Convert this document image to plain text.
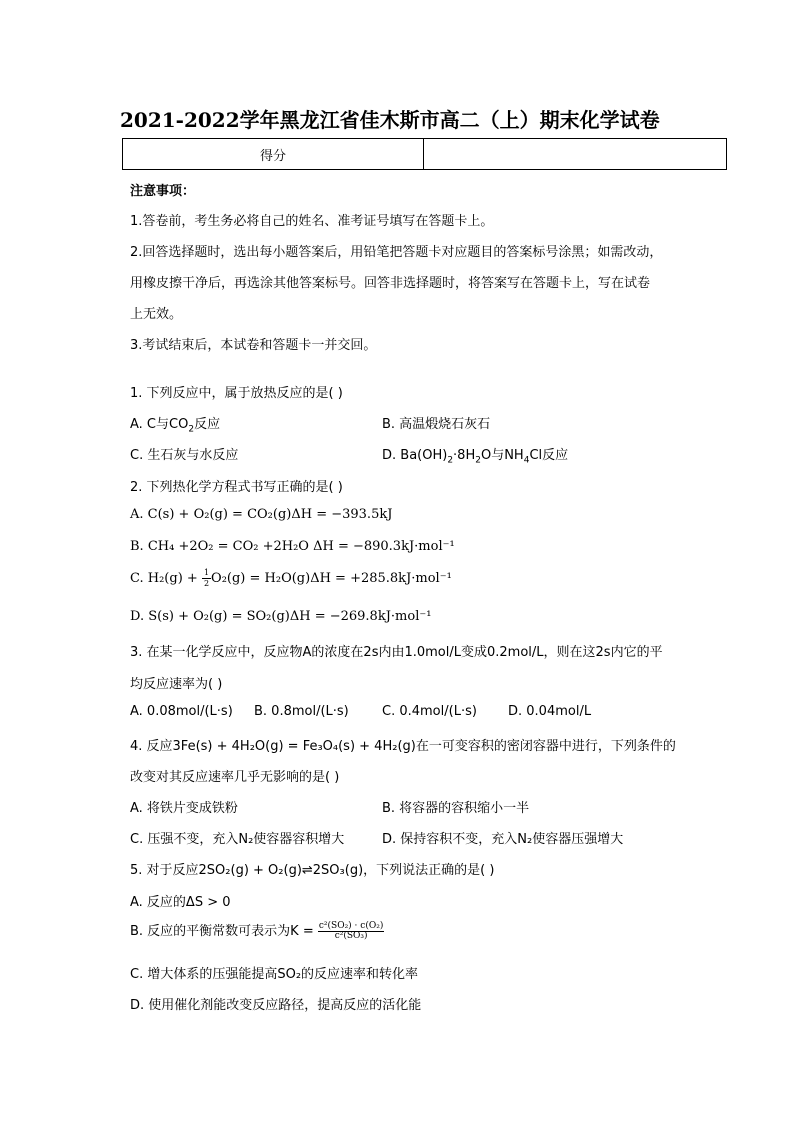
2021-2022学年黑龙江省佳木斯市高二（上）期末化学试卷
得分	
注意事项：
1.答卷前，考生务必将自己的姓名、准考证号填写在答题卡上。
2.回答选择题时，选出每小题答案后，用铅笔把答题卡对应题目的答案标号涂黑；如需改动，
用橡皮擦干净后，再选涂其他答案标号。回答非选择题时，将答案写在答题卡上，写在试卷
上无效。
3.考试结束后，本试卷和答题卡一并交回。
1. 下列反应中，属于放热反应的是( )
A. C与$CO_2$反应	B. 高温煅烧石灰石
C. 生石灰与水反应	D. $Ba(OH)_2\cdot 8H_2O$与$NH_4Cl$反应
2. 下列热化学方程式书写正确的是( )
A. C(s) + O₂(g) = CO₂(g)ΔH = −393.5kJ
B. CH₄ +2O₂ = CO₂ +2H₂O ΔH = −890.3kJ·mol⁻¹
C. $H_2(g) + \frac{1}{2} O_2(g) = H_2O(g)\Delta H = +285.8kJ\cdot mol^{-1}$
D. S(s) + O₂(g) = SO₂(g)ΔH = −269.8kJ·mol⁻¹
3. 在某一化学反应中，反应物A的浓度在2s内由1.0mol/L变成0.2mol/L，则在这2s内它的平
均反应速率为( )
A. 0.08mol/(L·s) B. 0.8mol/(L·s)	C. 0.4mol/(L·s) D. 0.04mol/L
4. 反应3Fe(s) + 4H₂O(g) = Fe₃O₄(s) + 4H₂(g)在一可变容积的密闭容器中进行，下列条件的
改变对其反应速率几乎无影响的是( )
A. 将铁片变成铁粉	B. 将容器的容积缩小一半
C. 压强不变，充入N₂使容器容积增大	D. 保持容积不变，充入N₂使容器压强增大
5. 对于反应2SO₂(g) + O₂(g)⇌2SO₃(g)，下列说法正确的是( )
A. 反应的ΔS > 0
B. 反应的平衡常数可表示为$K = \frac{\text{c²(SO₂) · c(O₂)}}{\text{c²(SO₃)}}$
C. 增大体系的压强能提高SO₂的反应速率和转化率
D. 使用催化剂能改变反应路径，提高反应的活化能
